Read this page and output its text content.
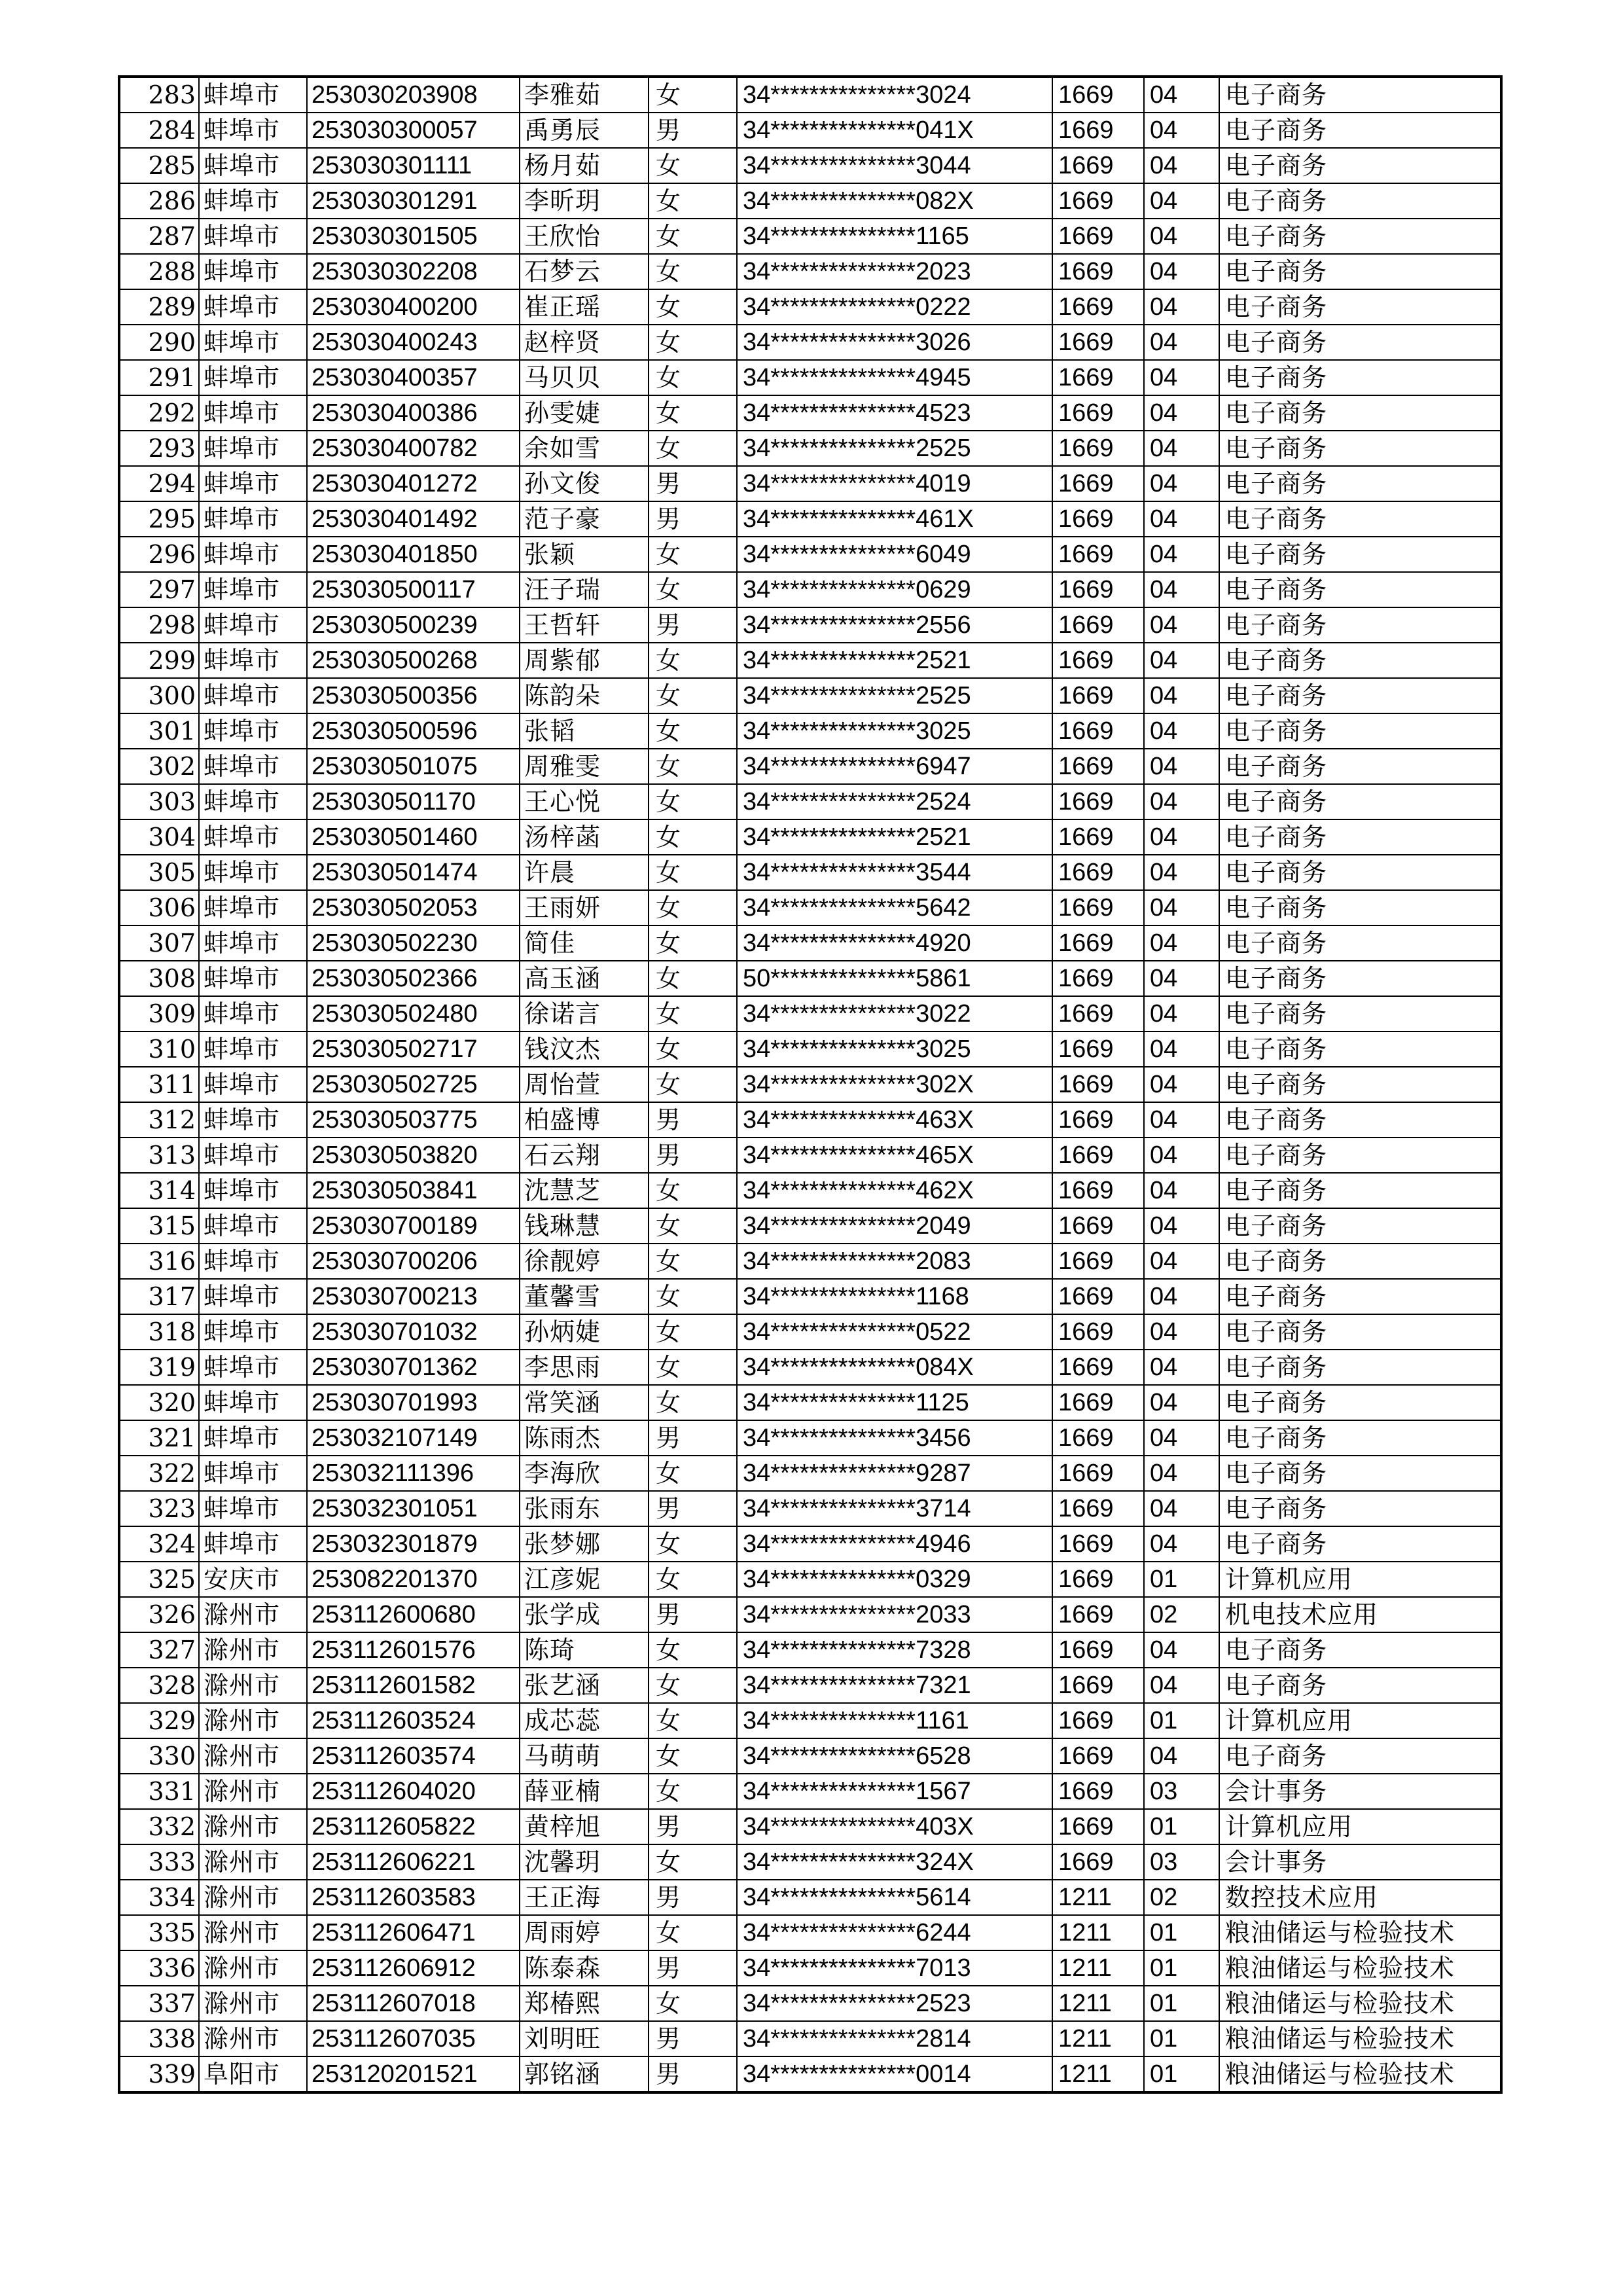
283	蚌埠市	253030203908	李雅茹	女	34***************3024	1669	04	电子商务
284	蚌埠市	253030300057	禹勇辰	男	34***************041X	1669	04	电子商务
285	蚌埠市	253030301111	杨月茹	女	34***************3044	1669	04	电子商务
286	蚌埠市	253030301291	李昕玥	女	34***************082X	1669	04	电子商务
287	蚌埠市	253030301505	王欣怡	女	34***************1165	1669	04	电子商务
288	蚌埠市	253030302208	石梦云	女	34***************2023	1669	04	电子商务
289	蚌埠市	253030400200	崔正瑶	女	34***************0222	1669	04	电子商务
290	蚌埠市	253030400243	赵梓贤	女	34***************3026	1669	04	电子商务
291	蚌埠市	253030400357	马贝贝	女	34***************4945	1669	04	电子商务
292	蚌埠市	253030400386	孙雯婕	女	34***************4523	1669	04	电子商务
293	蚌埠市	253030400782	余如雪	女	34***************2525	1669	04	电子商务
294	蚌埠市	253030401272	孙文俊	男	34***************4019	1669	04	电子商务
295	蚌埠市	253030401492	范子豪	男	34***************461X	1669	04	电子商务
296	蚌埠市	253030401850	张颖	女	34***************6049	1669	04	电子商务
297	蚌埠市	253030500117	汪子瑞	女	34***************0629	1669	04	电子商务
298	蚌埠市	253030500239	王哲轩	男	34***************2556	1669	04	电子商务
299	蚌埠市	253030500268	周紫郁	女	34***************2521	1669	04	电子商务
300	蚌埠市	253030500356	陈韵朵	女	34***************2525	1669	04	电子商务
301	蚌埠市	253030500596	张韬	女	34***************3025	1669	04	电子商务
302	蚌埠市	253030501075	周雅雯	女	34***************6947	1669	04	电子商务
303	蚌埠市	253030501170	王心悦	女	34***************2524	1669	04	电子商务
304	蚌埠市	253030501460	汤梓菡	女	34***************2521	1669	04	电子商务
305	蚌埠市	253030501474	许晨	女	34***************3544	1669	04	电子商务
306	蚌埠市	253030502053	王雨妍	女	34***************5642	1669	04	电子商务
307	蚌埠市	253030502230	简佳	女	34***************4920	1669	04	电子商务
308	蚌埠市	253030502366	高玉涵	女	50***************5861	1669	04	电子商务
309	蚌埠市	253030502480	徐诺言	女	34***************3022	1669	04	电子商务
310	蚌埠市	253030502717	钱汶杰	女	34***************3025	1669	04	电子商务
311	蚌埠市	253030502725	周怡萱	女	34***************302X	1669	04	电子商务
312	蚌埠市	253030503775	柏盛博	男	34***************463X	1669	04	电子商务
313	蚌埠市	253030503820	石云翔	男	34***************465X	1669	04	电子商务
314	蚌埠市	253030503841	沈慧芝	女	34***************462X	1669	04	电子商务
315	蚌埠市	253030700189	钱琳慧	女	34***************2049	1669	04	电子商务
316	蚌埠市	253030700206	徐靓婷	女	34***************2083	1669	04	电子商务
317	蚌埠市	253030700213	董馨雪	女	34***************1168	1669	04	电子商务
318	蚌埠市	253030701032	孙炳婕	女	34***************0522	1669	04	电子商务
319	蚌埠市	253030701362	李思雨	女	34***************084X	1669	04	电子商务
320	蚌埠市	253030701993	常笑涵	女	34***************1125	1669	04	电子商务
321	蚌埠市	253032107149	陈雨杰	男	34***************3456	1669	04	电子商务
322	蚌埠市	253032111396	李海欣	女	34***************9287	1669	04	电子商务
323	蚌埠市	253032301051	张雨东	男	34***************3714	1669	04	电子商务
324	蚌埠市	253032301879	张梦娜	女	34***************4946	1669	04	电子商务
325	安庆市	253082201370	江彦妮	女	34***************0329	1669	01	计算机应用
326	滁州市	253112600680	张学成	男	34***************2033	1669	02	机电技术应用
327	滁州市	253112601576	陈琦	女	34***************7328	1669	04	电子商务
328	滁州市	253112601582	张艺涵	女	34***************7321	1669	04	电子商务
329	滁州市	253112603524	成芯蕊	女	34***************1161	1669	01	计算机应用
330	滁州市	253112603574	马萌萌	女	34***************6528	1669	04	电子商务
331	滁州市	253112604020	薛亚楠	女	34***************1567	1669	03	会计事务
332	滁州市	253112605822	黄梓旭	男	34***************403X	1669	01	计算机应用
333	滁州市	253112606221	沈馨玥	女	34***************324X	1669	03	会计事务
334	滁州市	253112603583	王正海	男	34***************5614	1211	02	数控技术应用
335	滁州市	253112606471	周雨婷	女	34***************6244	1211	01	粮油储运与检验技术
336	滁州市	253112606912	陈泰森	男	34***************7013	1211	01	粮油储运与检验技术
337	滁州市	253112607018	郑椿熙	女	34***************2523	1211	01	粮油储运与检验技术
338	滁州市	253112607035	刘明旺	男	34***************2814	1211	01	粮油储运与检验技术
339	阜阳市	253120201521	郭铭涵	男	34***************0014	1211	01	粮油储运与检验技术
